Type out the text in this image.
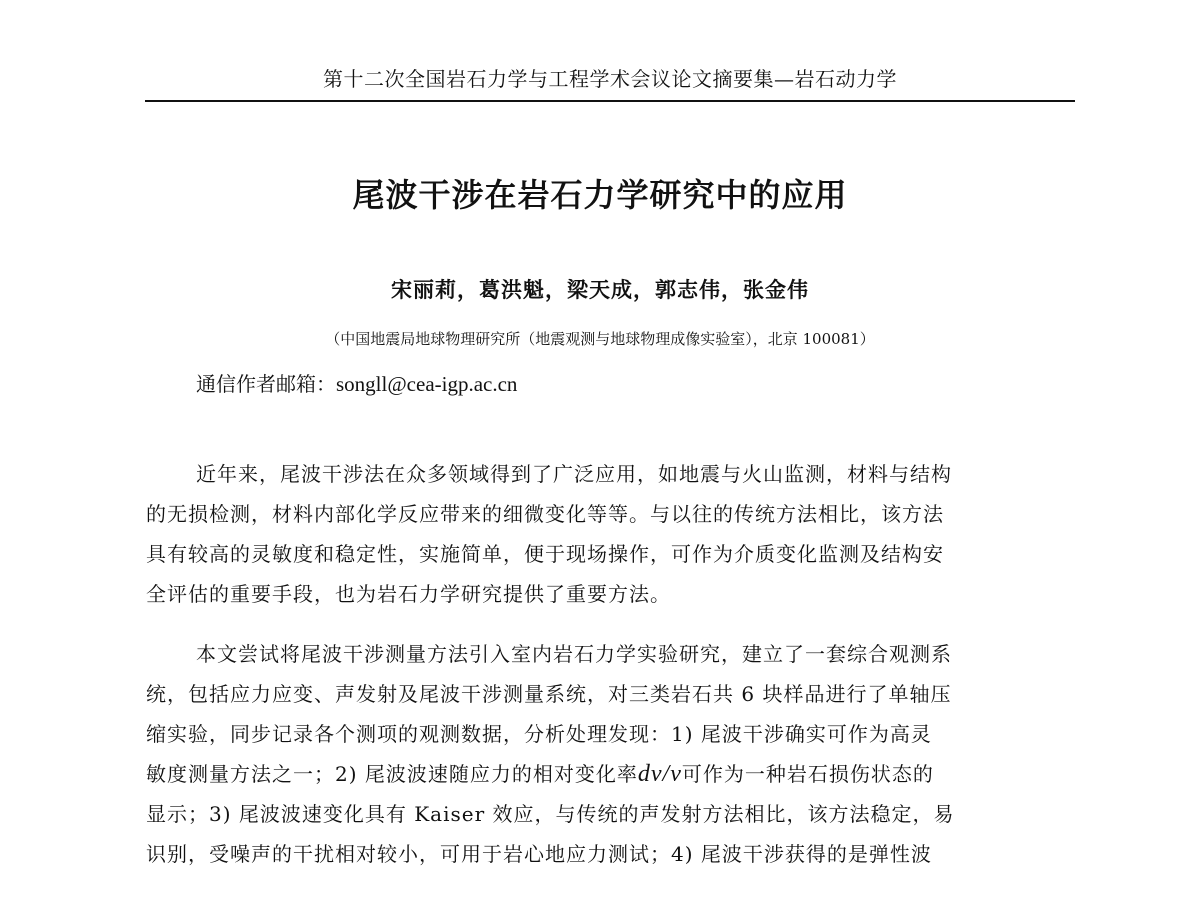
第十二次全国岩石力学与工程学术会议论文摘要集—岩石动力学
尾波干涉在岩石力学研究中的应用
宋丽莉，葛洪魁，梁天成，郭志伟，张金伟
（中国地震局地球物理研究所（地震观测与地球物理成像实验室），北京 100081）
通信作者邮箱：songll@cea-igp.ac.cn

近年来，尾波干涉法在众多领域得到了广泛应用，如地震与火山监测，材料与结构

的无损检测，材料内部化学反应带来的细微变化等等。与以往的传统方法相比，该方法

具有较高的灵敏度和稳定性，实施简单，便于现场操作，可作为介质变化监测及结构安

全评估的重要手段，也为岩石力学研究提供了重要方法。

本文尝试将尾波干涉测量方法引入室内岩石力学实验研究，建立了一套综合观测系

统，包括应力应变、声发射及尾波干涉测量系统，对三类岩石共 6 块样品进行了单轴压

缩实验，同步记录各个测项的观测数据，分析处理发现：1) 尾波干涉确实可作为高灵

敏度测量方法之一；2) 尾波波速随应力的相对变化率dv/v可作为一种岩石损伤状态的

显示；3) 尾波波速变化具有 Kaiser 效应，与传统的声发射方法相比，该方法稳定，易

识别，受噪声的干扰相对较小，可用于岩心地应力测试；4) 尾波干涉获得的是弹性波
